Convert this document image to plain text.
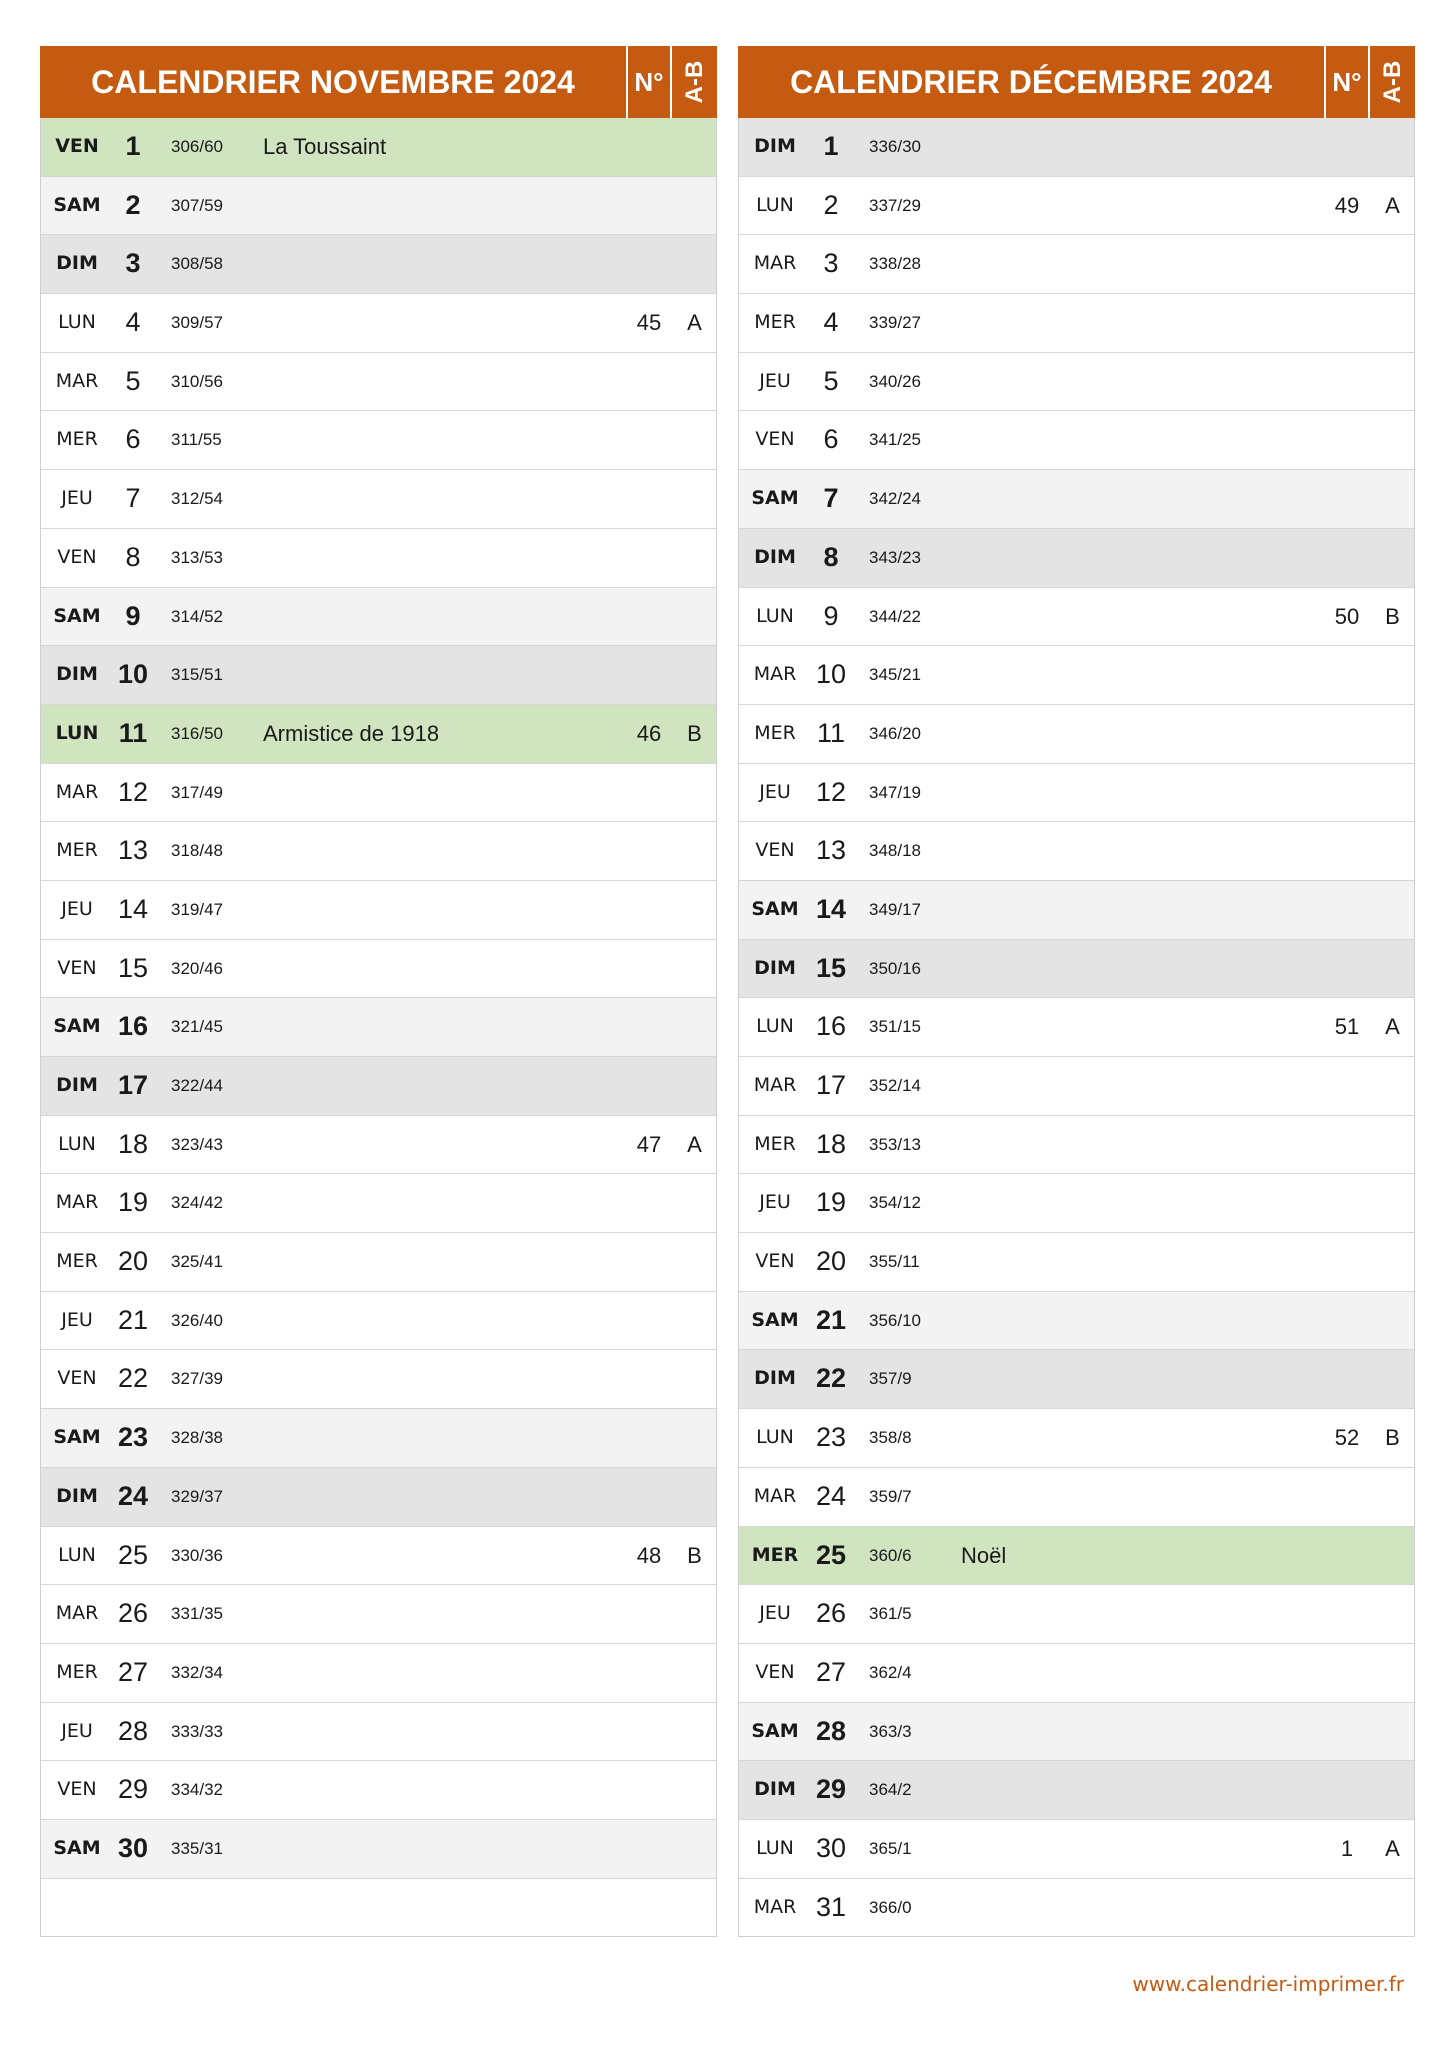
CALENDRIER NOVEMBRE 2024	N° A-B
VEN 1	306/60	La Toussaint
SAM 2	307/59
DIM	3	308/58
LUN	4	309/57	45	A
MAR	5	310/56
MER	6	311/55
JEU	7	312/54
VEN	8	313/53
SAM 9	314/52
DIM 10	315/51
LUN 11	316/50	Armistice de 1918	46	B
MAR 12	317/49
MER 13	318/48
JEU 14	319/47
VEN 15	320/46
SAM 16	321/45
DIM 17	322/44
LUN 18	323/43	47	A
MAR 19	324/42
MER 20	325/41
JEU 21	326/40
VEN 22	327/39
SAM 23	328/38
DIM 24	329/37
LUN 25	330/36	48	B
MAR 26	331/35
MER 27	332/34
JEU 28	333/33
VEN 29	334/32
SAM 30	335/31
CALENDRIER DÉCEMBRE 2024	N° A-B
DIM	1	336/30
LUN	2	337/29	49	A
MAR	3	338/28
MER	4	339/27
JEU	5	340/26
VEN	6	341/25
SAM 7	342/24
DIM	8	343/23
LUN	9	344/22	50	B
MAR 10	345/21
MER 11	346/20
JEU 12	347/19
VEN 13	348/18
SAM 14	349/17
DIM 15	350/16
LUN 16	351/15	51	A
MAR 17	352/14
MER 18	353/13
JEU 19	354/12
VEN 20	355/11
SAM 21	356/10
DIM 22	357/9
LUN 23	358/8	52	B
MAR 24	359/7
MER 25	360/6	Noël
JEU 26	361/5
VEN 27	362/4
SAM 28	363/3
DIM 29	364/2
LUN 30	365/1	1	A
MAR 31	366/0
www.calendrier-imprimer.fr
